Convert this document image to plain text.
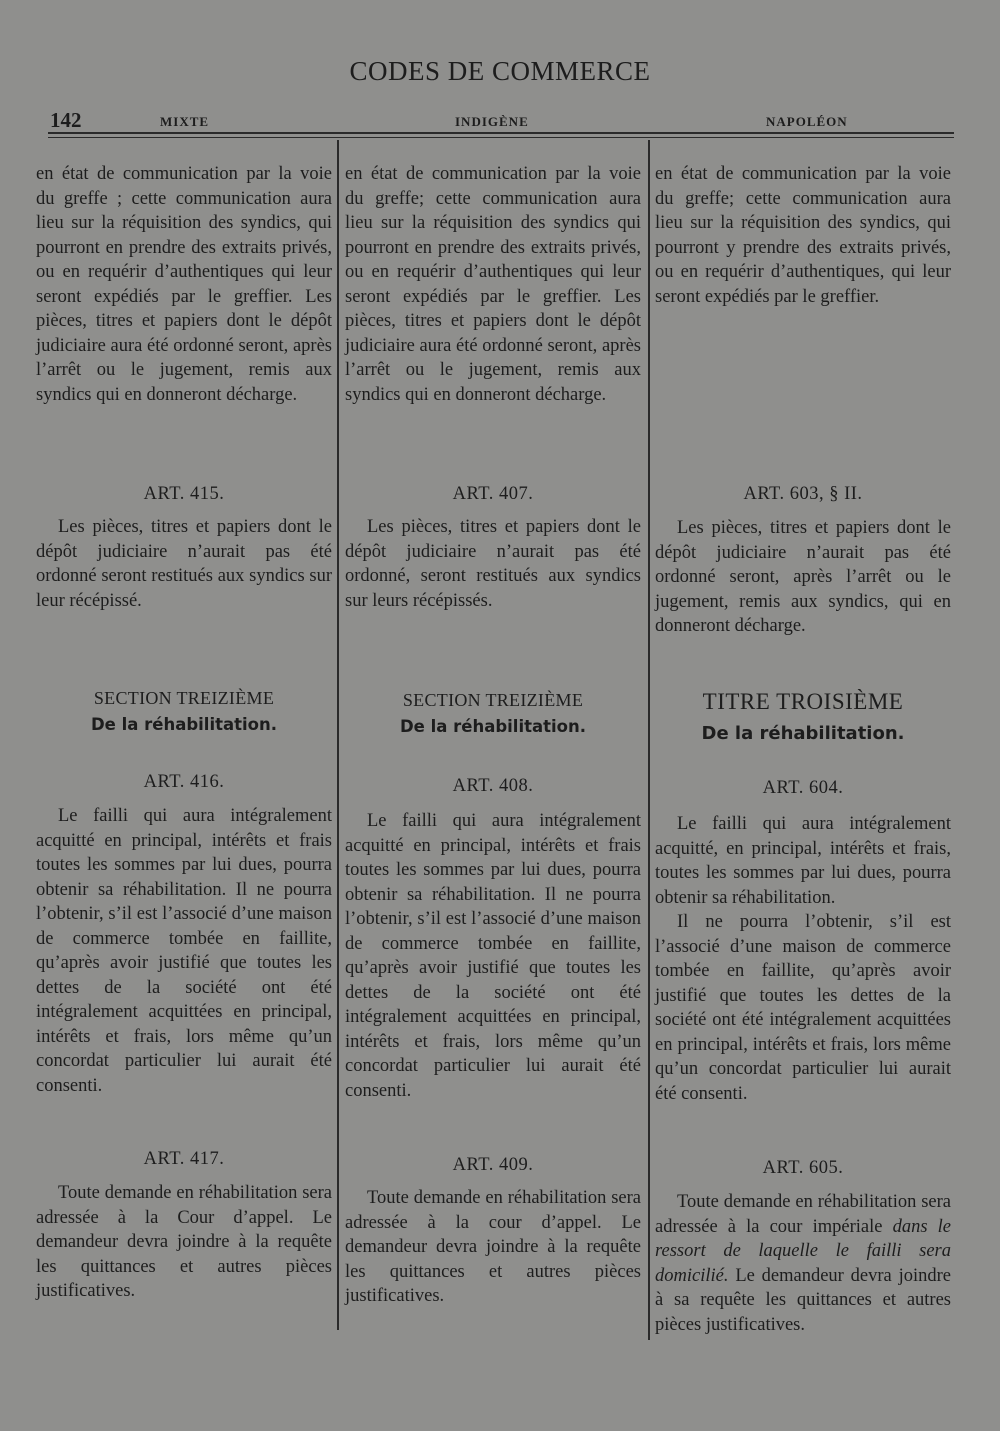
CODES DE COMMERCE
142	MIXTE	INDIGÈNE	NAPOLÉON

en état de communication par la voie du greffe ; cette communication aura lieu sur la réquisition des syndics, qui pourront en prendre des extraits privés, ou en requérir d’authentiques qui leur seront expédiés par le greffier. Les pièces, titres et papiers dont le dépôt judiciaire aura été ordonné seront, après l’arrêt ou le jugement, remis aux syndics qui en donneront décharge.

ART. 415.

Les pièces, titres et papiers dont le dépôt judiciaire n’aurait pas été ordonné seront restitués aux syndics sur leur récépissé.

SECTION TREIZIÈME

De la réhabilitation.

ART. 416.

Le failli qui aura intégralement acquitté en principal, intérêts et frais toutes les sommes par lui dues, pourra obtenir sa réhabilitation. Il ne pourra l’obtenir, s’il est l’associé d’une maison de commerce tombée en faillite, qu’après avoir justifié que toutes les dettes de la société ont été intégralement acquittées en principal, intérêts et frais, lors même qu’un concordat particulier lui aurait été consenti.

ART. 417.

Toute demande en réhabilitation sera adressée à la Cour d’appel. Le demandeur devra joindre à la requête les quittances et autres pièces justificatives.

en état de communication par la voie du greffe; cette communication aura lieu sur la réquisition des syndics qui pourront en prendre des extraits privés, ou en requérir d’authentiques qui leur seront expédiés par le greffier. Les pièces, titres et papiers dont le dépôt judiciaire aura été ordonné seront, après l’arrêt ou le jugement, remis aux syndics qui en donneront décharge.

ART. 407.

Les pièces, titres et papiers dont le dépôt judiciaire n’aurait pas été ordonné, seront restitués aux syndics sur leurs récépissés.

SECTION TREIZIÈME

De la réhabilitation.

ART. 408.

Le failli qui aura intégralement acquitté en principal, intérêts et frais toutes les sommes par lui dues, pourra obtenir sa réhabilitation. Il ne pourra l’obtenir, s’il est l’associé d’une maison de commerce tombée en faillite, qu’après avoir justifié que toutes les dettes de la société ont été intégralement acquittées en principal, intérêts et frais, lors même qu’un concordat particulier lui aurait été consenti.

ART. 409.

Toute demande en réhabilitation sera adressée à la cour d’appel. Le demandeur devra joindre à la requête les quittances et autres pièces justificatives.

en état de communication par la voie du greffe; cette communication aura lieu sur la réquisition des syndics, qui pourront y prendre des extraits privés, ou en requérir d’authentiques, qui leur seront expédiés par le greffier.

ART. 603, § II.

Les pièces, titres et papiers dont le dépôt judiciaire n’aurait pas été ordonné seront, après l’arrêt ou le jugement, remis aux syndics, qui en donneront décharge.

TITRE TROISIÈME

De la réhabilitation.

ART. 604.

Le failli qui aura intégralement acquitté, en principal, intérêts et frais, toutes les sommes par lui dues, pourra obtenir sa réhabilitation.

Il ne pourra l’obtenir, s’il est l’associé d’une maison de commerce tombée en faillite, qu’après avoir justifié que toutes les dettes de la société ont été intégralement acquittées en principal, intérêts et frais, lors même qu’un concordat particulier lui aurait été consenti.

ART. 605.

Toute demande en réhabilitation sera adressée à la cour impériale dans le ressort de laquelle le failli sera domicilié. Le demandeur devra joindre à sa requête les quittances et autres pièces justificatives.
